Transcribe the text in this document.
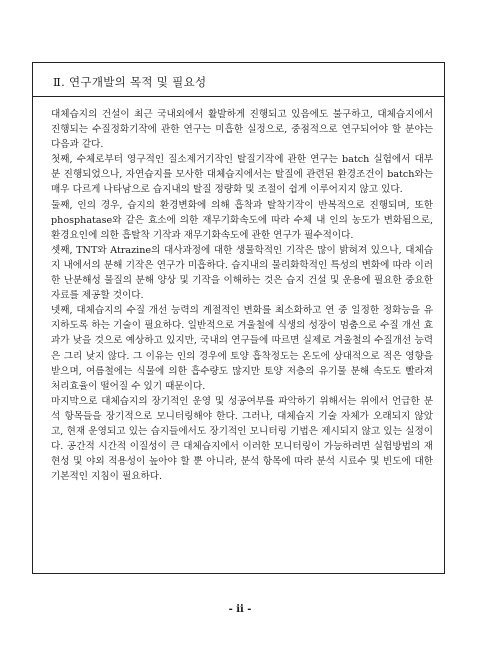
Ⅱ. 연구개발의 목적 및 필요성

대체습지의 건설이 최근 국내외에서 활발하게 진행되고 있음에도 불구하고, 대체습지에서 진행되는 수질정화기작에 관한 연구는 미흡한 실정으로, 중점적으로 연구되어야 할 분야는 다음과 같다.

첫째, 수체로부터 영구적인 질소제거기작인 탈질기작에 관한 연구는 batch 실험에서 대부분 진행되었으나, 자연습지를 모사한 대체습지에서는 탈질에 관련된 환경조건이 batch와는 매우 다르게 나타남으로 습지내의 탈질 정량화 및 조절이 쉽게 이루어지지 않고 있다.

둘째, 인의 경우, 습지의 환경변화에 의해 흡착과 탈착기작이 반복적으로 진행되며, 또한 phosphatase와 같은 효소에 의한 재무기화속도에 따라 수체 내 인의 농도가 변화됨으로, 환경요인에 의한 흡탈착 기작과 재무기화속도에 관한 연구가 필수적이다.

셋째, TNT와 Atrazine의 대사과정에 대한 생물학적인 기작은 많이 밝혀져 있으나, 대체습지 내에서의 분해 기작은 연구가 미흡하다. 습지내의 물리화학적인 특성의 변화에 따라 이러한 난분해성 물질의 분해 양상 및 기작을 이해하는 것은 습지 건설 및 운용에 필요한 중요한 자료를 제공할 것이다.

넷째, 대체습지의 수질 개선 능력의 계절적인 변화를 최소화하고 연 중 일정한 정화능을 유지하도록 하는 기술이 필요하다. 일반적으로 겨울철에 식생의 성장이 멈춤으로 수질 개선 효과가 낮을 것으로 예상하고 있지만, 국내의 연구들에 따르면 실제로 겨울철의 수질개선 능력은 그리 낮지 않다. 그 이유는 인의 경우에 토양 흡착정도는 온도에 상대적으로 적은 영향을 받으며, 여름철에는 식물에 의한 흡수량도 많지만 토양 저층의 유기물 분해 속도도 빨라져 처리효율이 떨어질 수 있기 때문이다.

마지막으로 대체습지의 장기적인 운영 및 성공여부를 파악하기 위해서는 위에서 언급한 분석 항목들을 장기적으로 모니터링해야 한다. 그러나, 대체습지 기술 자체가 오래되지 않았고, 현재 운영되고 있는 습지들에서도 장기적인 모니터링 기법은 제시되지 않고 있는 실정이다. 공간적 시간적 이질성이 큰 대체습지에서 이러한 모니터링이 가능하려면 실험방법의 재현성 및 야외 적용성이 높아야 할 뿐 아니라, 분석 항목에 따라 분석 시료수 및 빈도에 대한 기본적인 지침이 필요하다.

- ii -
